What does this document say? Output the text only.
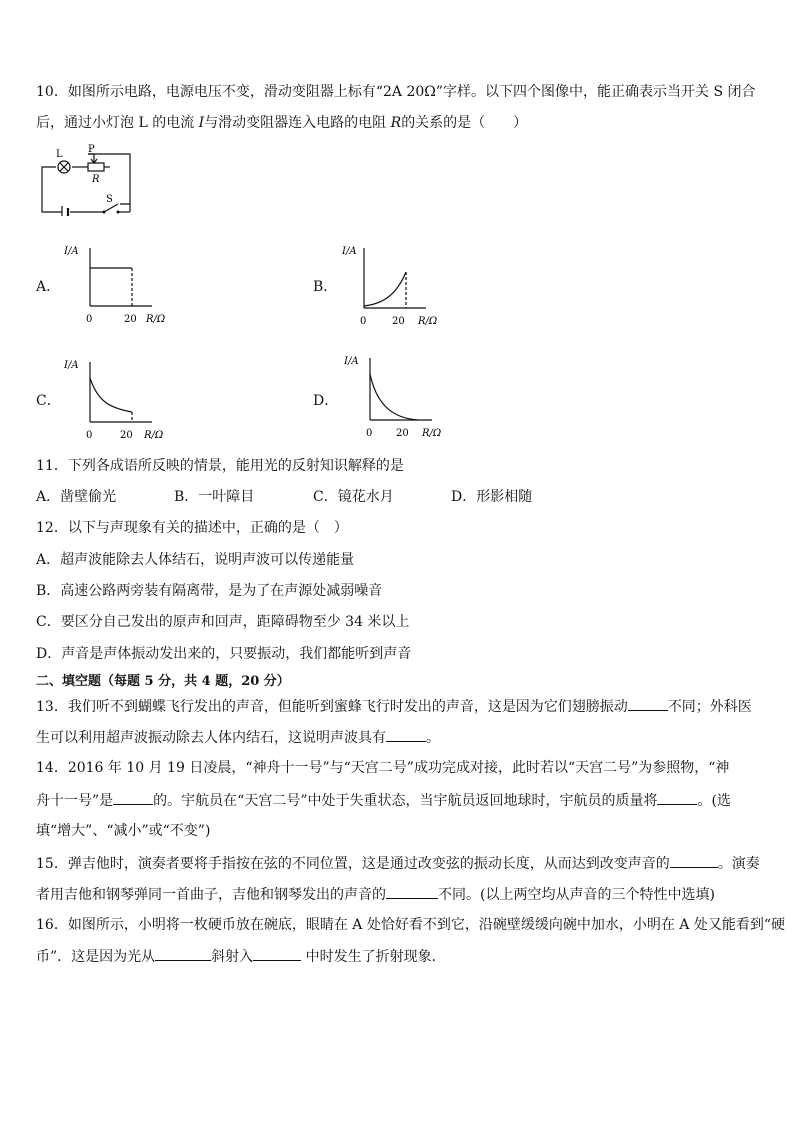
10．如图所示电路，电源电压不变，滑动变阻器上标有“2A 20Ω”字样。以下四个图像中，能正确表示当开关 S 闭合
后，通过小灯泡 L 的电流 I与滑动变阻器连入电路的电阻 R的关系的是（　　）
L	P
R
S
A．	B．
C．	D．
I/A
0	20 R/Ω
I/A
0	20 R/Ω
I/A
0	20 R/Ω
I/A
0 20 R/Ω
11．下列各成语所反映的情景，能用光的反射知识解释的是
A．凿壁偷光	B．一叶障目	C．镜花水月	D．形影相随
12．以下与声现象有关的描述中，正确的是（　）
A．超声波能除去人体结石，说明声波可以传递能量
B．高速公路两旁装有隔离带，是为了在声源处减弱噪音
C．要区分自己发出的原声和回声，距障碍物至少 34 米以上
D．声音是声体振动发出来的，只要振动，我们都能听到声音
二、填空题（每题 5 分，共 4 题，20 分）
13．我们听不到蝴蝶飞行发出的声音，但能听到蜜蜂飞行时发出的声音，这是因为它们翅膀振动	不同；外科医
生可以利用超声波振动除去人体内结石，这说明声波具有	。
14．2016 年 10 月 19 日凌晨，“神舟十一号”与“天宫二号”成功完成对接，此时若以“天宫二号”为参照物，“神
舟十一号”是	的。宇航员在“天宫二号”中处于失重状态，当宇航员返回地球时，宇航员的质量将	。(选
填“增大”、“减小”或“不变”)
15．弹吉他时，演奏者要将手指按在弦的不同位置，这是通过改变弦的振动长度，从而达到改变声音的	。演奏
者用吉他和钢琴弹同一首曲子，吉他和钢琴发出的声音的	不同。(以上两空均从声音的三个特性中选填)
16．如图所示，小明将一枚硬币放在碗底，眼睛在 A 处恰好看不到它，沿碗壁缓缓向碗中加水，小明在 A 处又能看到“硬
币”．这是因为光从	斜射入	中时发生了折射现象．
